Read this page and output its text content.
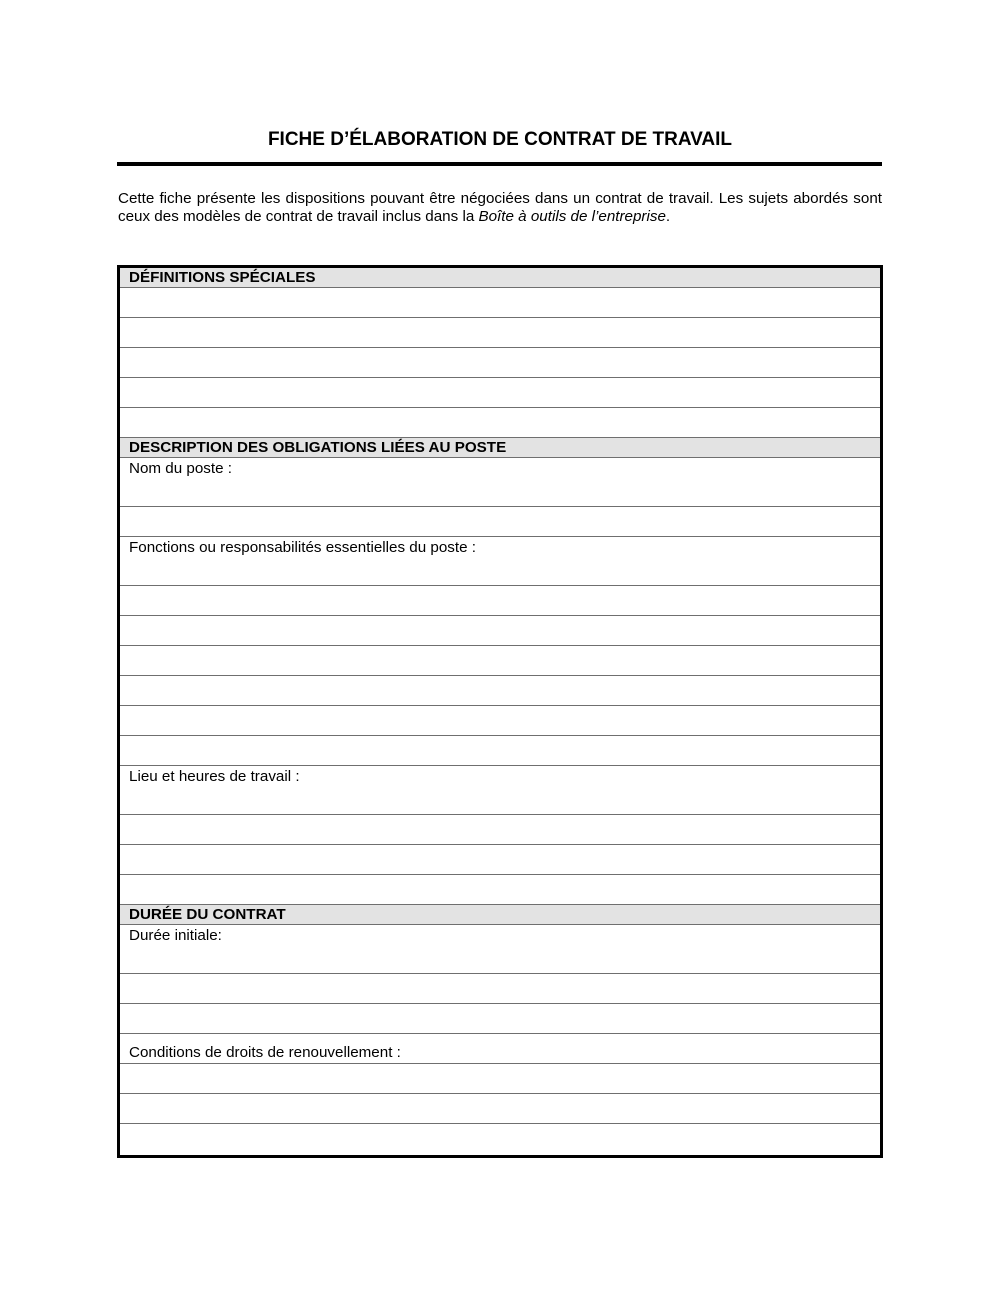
FICHE D’ÉLABORATION DE CONTRAT DE TRAVAIL
Cette fiche présente les dispositions pouvant être négociées dans un contrat de travail. Les sujets abordés sont ceux des modèles de contrat de travail inclus dans la Boîte à outils de l’entreprise.
DÉFINITIONS SPÉCIALES
DESCRIPTION DES OBLIGATIONS LIÉES AU POSTE
Nom du poste :
Fonctions ou responsabilités essentielles du poste :
Lieu et heures de travail :
DURÉE DU CONTRAT
Durée initiale:
Conditions de droits de renouvellement :
